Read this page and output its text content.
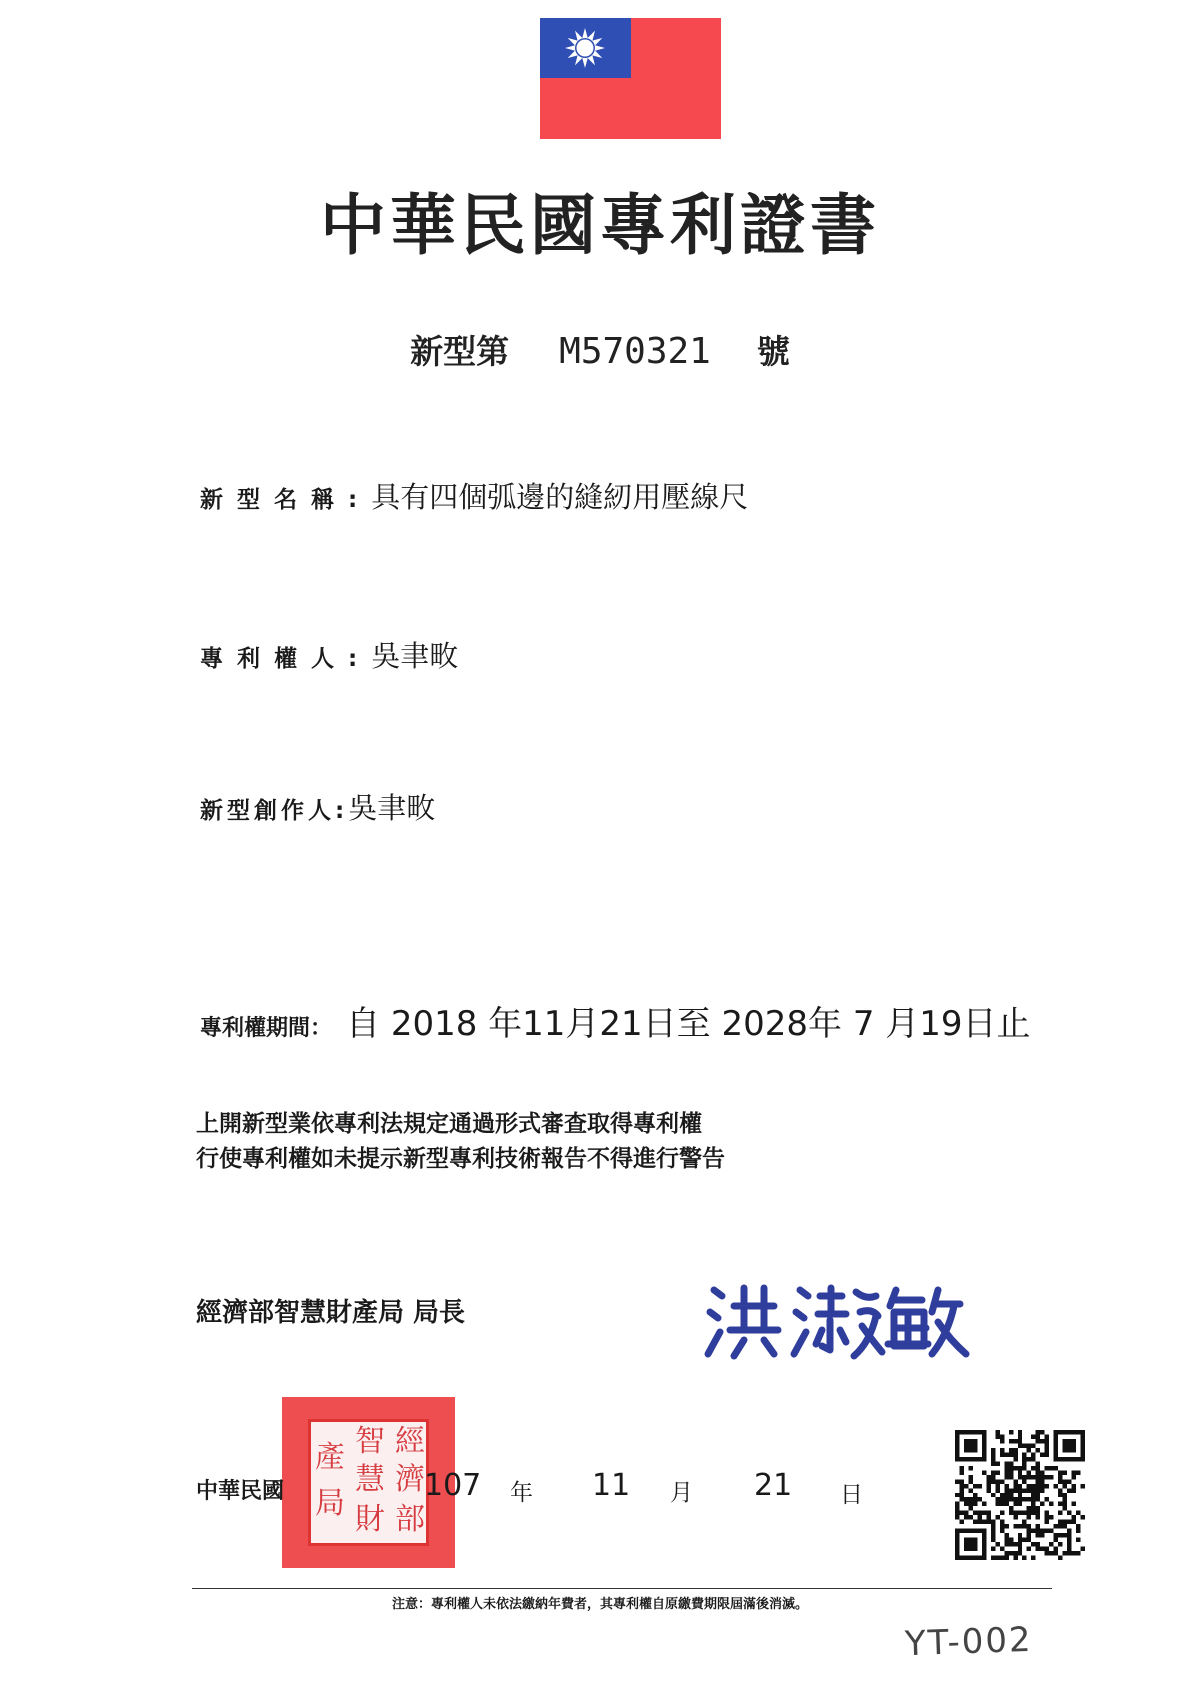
中華民國專利證書
新型第 M570321 號
新型名稱:具有四個弧邊的縫紉用壓線尺
專利權人:吳聿畋
新型創作人:吳聿畋
專利權期間： 自 2018 年11月21日至 2028年 7 月19日止
上開新型業依專利法規定通過形式審查取得專利權
行使專利權如未提示新型專利技術報告不得進行警告
經濟部智慧財產局 局長
經
濟
部
智
慧
財
產
局
中華民國	107 年 11 月 21 日
注意：專利權人未依法繳納年費者，其專利權自原繳費期限屆滿後消滅。
YT-002
